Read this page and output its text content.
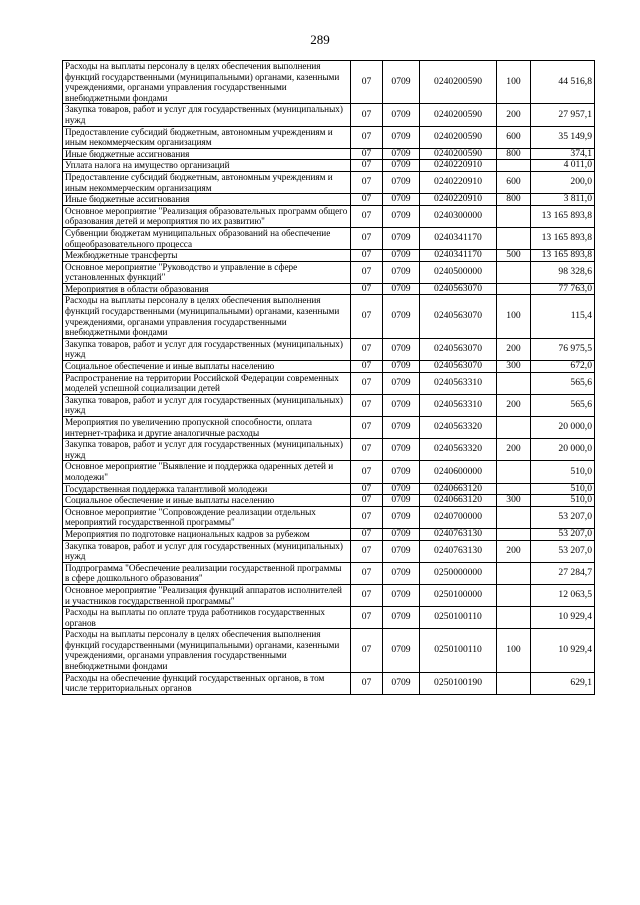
289
Расходы на выплаты персоналу в целях обеспечения выполнения функций государственными (муниципальными) органами, казенными учреждениями, органами управления государственными внебюджетными фондами	07	0709	0240200590	100	44 516,8
Закупка товаров, работ и услуг для государственных (муниципальных) нужд	07	0709	0240200590	200	27 957,1
Предоставление субсидий бюджетным, автономным учреждениям и иным некоммерческим организациям	07	0709	0240200590	600	35 149,9
Иные бюджетные ассигнования	07	0709	0240200590	800	374,1
Уплата налога на имущество организаций	07	0709	0240220910		4 011,0
Предоставление субсидий бюджетным, автономным учреждениям и иным некоммерческим организациям	07	0709	0240220910	600	200,0
Иные бюджетные ассигнования	07	0709	0240220910	800	3 811,0
Основное мероприятие "Реализация образовательных программ общего образования детей и мероприятия по их развитию"	07	0709	0240300000		13 165 893,8
Субвенции бюджетам муниципальных образований на обеспечение общеобразовательного процесса	07	0709	0240341170		13 165 893,8
Межбюджетные трансферты	07	0709	0240341170	500	13 165 893,8
Основное мероприятие "Руководство и управление в сфере установленных функций"	07	0709	0240500000		98 328,6
Мероприятия в области образования	07	0709	0240563070		77 763,0
Расходы на выплаты персоналу в целях обеспечения выполнения функций государственными (муниципальными) органами, казенными учреждениями, органами управления государственными внебюджетными фондами	07	0709	0240563070	100	115,4
Закупка товаров, работ и услуг для государственных (муниципальных) нужд	07	0709	0240563070	200	76 975,5
Социальное обеспечение и иные выплаты населению	07	0709	0240563070	300	672,0
Распространение на территории Российской Федерации современных моделей успешной социализации детей	07	0709	0240563310		565,6
Закупка товаров, работ и услуг для государственных (муниципальных) нужд	07	0709	0240563310	200	565,6
Мероприятия по увеличению пропускной способности, оплата интернет-трафика и другие аналогичные расходы	07	0709	0240563320		20 000,0
Закупка товаров, работ и услуг для государственных (муниципальных) нужд	07	0709	0240563320	200	20 000,0
Основное мероприятие "Выявление и поддержка одаренных детей и молодежи"	07	0709	0240600000		510,0
Государственная поддержка талантливой молодежи	07	0709	0240663120		510,0
Социальное обеспечение и иные выплаты населению	07	0709	0240663120	300	510,0
Основное мероприятие "Сопровождение реализации отдельных мероприятий государственной программы"	07	0709	0240700000		53 207,0
Мероприятия по подготовке национальных кадров за рубежом	07	0709	0240763130		53 207,0
Закупка товаров, работ и услуг для государственных (муниципальных) нужд	07	0709	0240763130	200	53 207,0
Подпрограмма "Обеспечение реализации государственной программы в сфере дошкольного образования"	07	0709	0250000000		27 284,7
Основное мероприятие "Реализация функций аппаратов исполнителей и участников государственной программы"	07	0709	0250100000		12 063,5
Расходы на выплаты по оплате труда работников государственных органов	07	0709	0250100110		10 929,4
Расходы на выплаты персоналу в целях обеспечения выполнения функций государственными (муниципальными) органами, казенными учреждениями, органами управления государственными внебюджетными фондами	07	0709	0250100110	100	10 929,4
Расходы на обеспечение функций государственных органов, в том числе территориальных органов	07	0709	0250100190		629,1
